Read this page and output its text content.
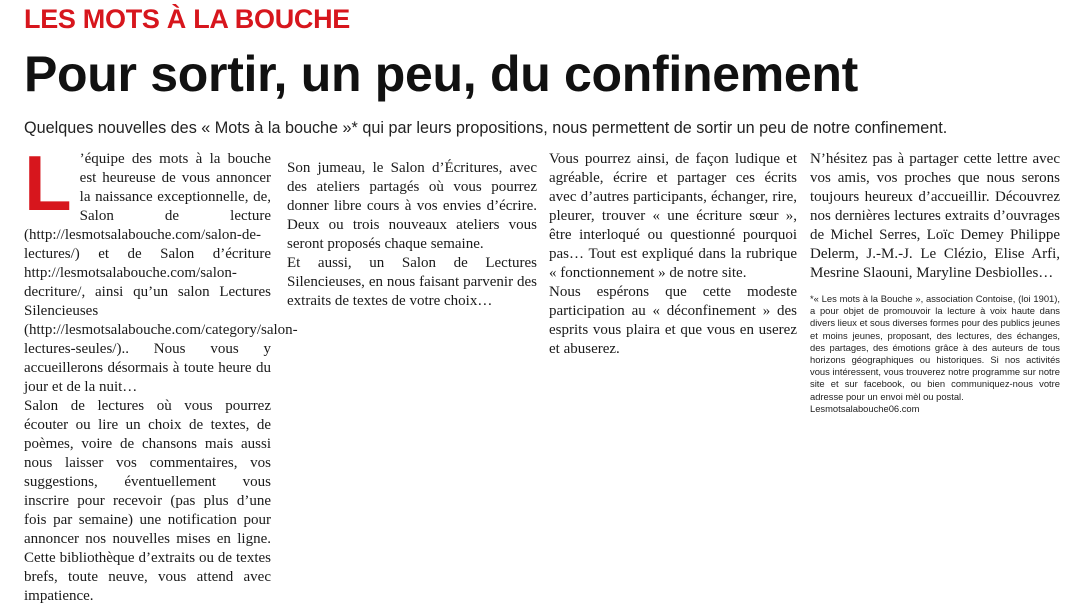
LES MOTS À LA BOUCHE
Pour sortir, un peu, du confinement
Quelques nouvelles des « Mots à la bouche »* qui par leurs propositions, nous permettent de sortir un peu de notre confinement.
L ’équipe des mots à la bouche est heureuse de vous annoncer la naissance exceptionnelle, de, Salon de lecture (http://lesmotsalabouche.com/salon-de-lectures/) et de Salon d’écriture http://lesmotsalabouche.com/salon-decriture/, ainsi qu’un salon Lectures Silencieuses (http://lesmotsalabouche.com/category/salon-lectures-seules/).. Nous vous y accueillerons désormais à toute heure du jour et de la nuit…

Salon de lectures où vous pourrez écouter ou lire un choix de textes, de poèmes, voire de chansons mais aussi nous laisser vos commentaires, vos suggestions, éventuellement vous inscrire pour recevoir (pas plus d’une fois par semaine) une notification pour annoncer nos nouvelles mises en ligne. Cette bibliothèque d’extraits ou de textes brefs, toute neuve, vous attend avec impatience.

Son jumeau, le Salon d’Écritures, avec des ateliers partagés où vous pourrez donner libre cours à vos envies d’écrire. Deux ou trois nouveaux ateliers vous seront proposés chaque semaine.

Et aussi, un Salon de Lectures Silencieuses, en nous faisant parvenir des extraits de textes de votre choix…

Vous pourrez ainsi, de façon ludique et agréable, écrire et partager ces écrits avec d’autres participants, échanger, rire, pleurer, trouver « une écriture sœur », être interloqué ou questionné pourquoi pas… Tout est expliqué dans la rubrique « fonctionnement » de notre site.

Nous espérons que cette modeste participation au « déconfinement » des esprits vous plaira et que vous en userez et abuserez.

N’hésitez pas à partager cette lettre avec vos amis, vos proches que nous serons toujours heureux d’accueillir. Découvrez nos dernières lectures extraits d’ouvrages de Michel Serres, Loïc Demey Philippe Delerm, J.-M.-J. Le Clézio, Elise Arfi, Mesrine Slaouni, Maryline Desbiolles…

*« Les mots à la Bouche », association Contoise, (loi 1901), a pour objet de promouvoir la lecture à voix haute dans divers lieux et sous diverses formes pour des publics jeunes et moins jeunes, proposant, des lectures, des échanges, des partages, des émotions grâce à des auteurs de tous horizons géographiques ou historiques. Si nos activités vous intéressent, vous trouverez notre programme sur notre site et sur facebook, ou bien communiquez-nous votre adresse pour un envoi mèl ou postal.
Lesmotsalabouche06.com
